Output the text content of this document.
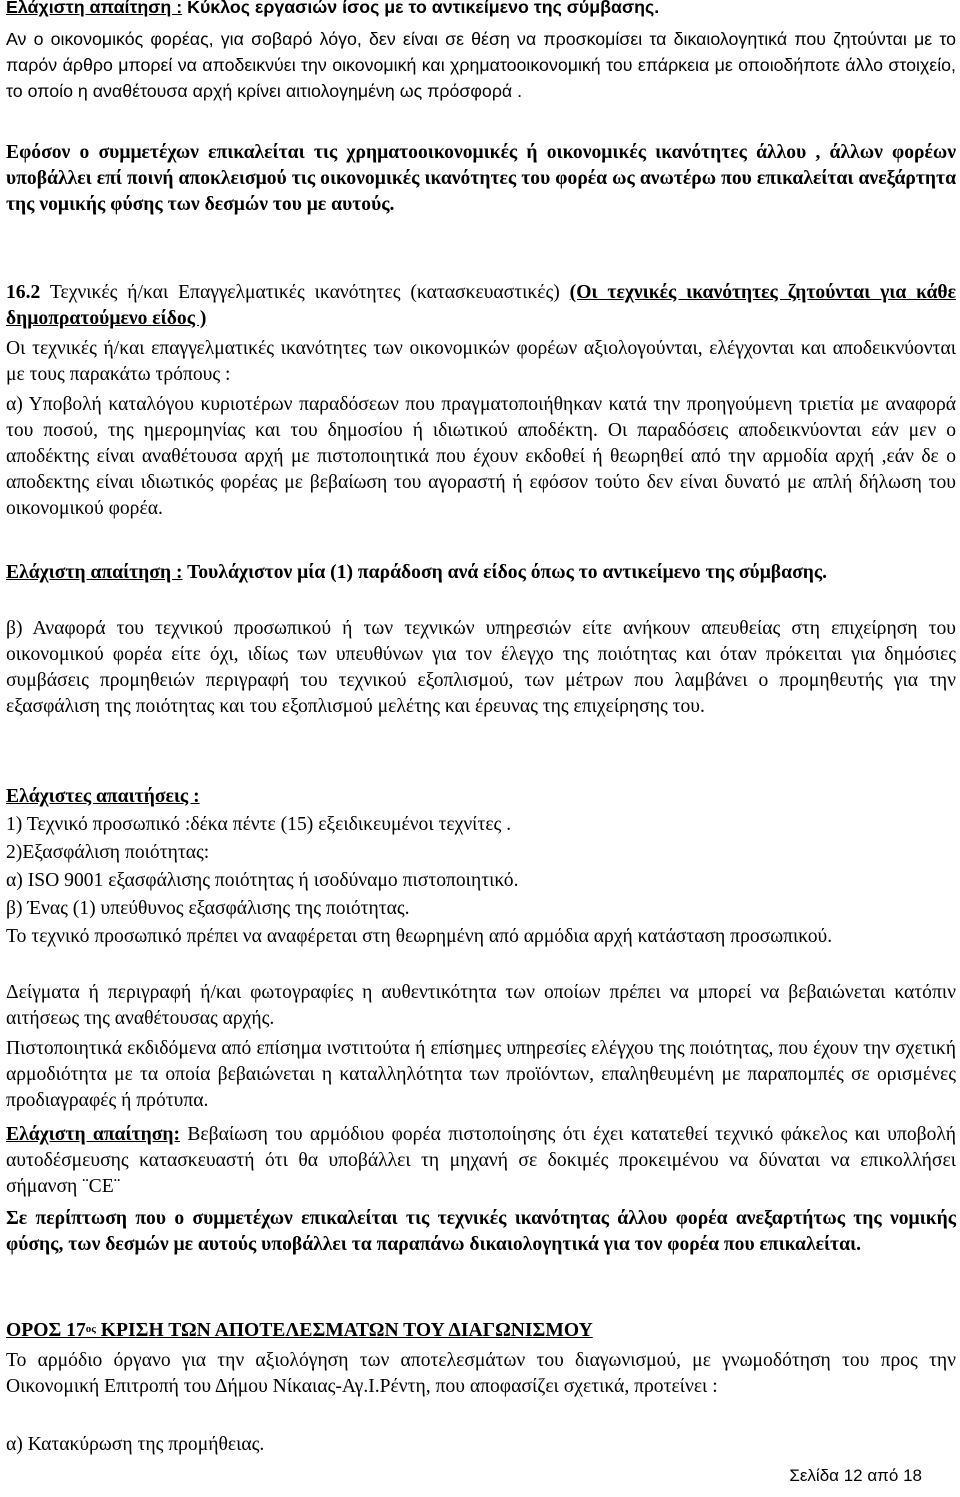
Ελάχιστη απαίτηση : Κύκλος εργασιών ίσος με το αντικείμενο της σύμβασης.

Αν ο οικονομικός φορέας, για σοβαρό λόγο, δεν είναι σε θέση να προσκομίσει τα δικαιολογητικά που ζητούνται με το παρόν άρθρο μπορεί να αποδεικνύει την οικονομική και χρηματοοικονομική του επάρκεια με οποιοδήποτε άλλο στοιχείο, το οποίο η αναθέτουσα αρχή κρίνει αιτιολογημένη ως πρόσφορά .

Εφόσον ο συμμετέχων επικαλείται τις χρηματοοικονομικές ή οικονομικές ικανότητες άλλου , άλλων φορέων υποβάλλει επί ποινή αποκλεισμού τις οικονομικές ικανότητες του φορέα ως ανωτέρω που επικαλείται ανεξάρτητα της νομικής φύσης των δεσμών του με αυτούς.

16.2 Τεχνικές ή/και Επαγγελματικές ικανότητες (κατασκευαστικές) (Οι τεχνικές ικανότητες ζητούνται για κάθε δημοπρατούμενο είδος )

Οι τεχνικές ή/και επαγγελματικές ικανότητες των οικονομικών φορέων αξιολογούνται, ελέγχονται και αποδεικνύονται με τους παρακάτω τρόπους :

α) Υποβολή καταλόγου κυριοτέρων παραδόσεων που πραγματοποιήθηκαν κατά την προηγούμενη τριετία με αναφορά του ποσού, της ημερομηνίας και του δημοσίου ή ιδιωτικού αποδέκτη. Οι παραδόσεις αποδεικνύονται εάν μεν ο αποδέκτης είναι αναθέτουσα αρχή με πιστοποιητικά που έχουν εκδοθεί ή θεωρηθεί από την αρμοδία αρχή ,εάν δε ο αποδεκτης είναι ιδιωτικός φορέας με βεβαίωση του αγοραστή ή εφόσον τούτο δεν είναι δυνατό με απλή δήλωση του οικονομικού φορέα.

Ελάχιστη απαίτηση : Τουλάχιστον μία (1) παράδοση ανά είδος όπως το αντικείμενο της σύμβασης.

β) Αναφορά του τεχνικού προσωπικού ή των τεχνικών υπηρεσιών είτε ανήκουν απευθείας στη επιχείρηση του οικονομικού φορέα είτε όχι, ιδίως των υπευθύνων για τον έλεγχο της ποιότητας και όταν πρόκειται για δημόσιες συμβάσεις προμηθειών περιγραφή του τεχνικού εξοπλισμού, των μέτρων που λαμβάνει ο προμηθευτής για την εξασφάλιση της ποιότητας και του εξοπλισμού μελέτης και έρευνας της επιχείρησης του.

Ελάχιστες απαιτήσεις :

1) Τεχνικό προσωπικό :δέκα πέντε (15) εξειδικευμένοι τεχνίτες .

2)Εξασφάλιση ποιότητας:

α) ISO 9001 εξασφάλισης ποιότητας ή ισοδύναμο πιστοποιητικό.

β) Ένας (1) υπεύθυνος εξασφάλισης της ποιότητας.

Το τεχνικό προσωπικό πρέπει να αναφέρεται στη θεωρημένη από αρμόδια αρχή κατάσταση προσωπικού.

Δείγματα ή περιγραφή ή/και φωτογραφίες η αυθεντικότητα των οποίων πρέπει να μπορεί να βεβαιώνεται κατόπιν αιτήσεως της αναθέτουσας αρχής.

Πιστοποιητικά εκδιδόμενα από επίσημα ινστιτούτα ή επίσημες υπηρεσίες ελέγχου της ποιότητας, που έχουν την σχετική αρμοδιότητα με τα οποία βεβαιώνεται η καταλληλότητα των προϊόντων, επαληθευμένη με παραπομπές σε ορισμένες προδιαγραφές ή πρότυπα.

Ελάχιστη απαίτηση: Βεβαίωση του αρμόδιου φορέα πιστοποίησης ότι έχει κατατεθεί τεχνικό φάκελος και υποβολή αυτοδέσμευσης κατασκευαστή ότι θα υποβάλλει τη μηχανή σε δοκιμές προκειμένου να δύναται να επικολλήσει σήμανση ¨CE¨

Σε περίπτωση που ο συμμετέχων επικαλείται τις τεχνικές ικανότητας άλλου φορέα ανεξαρτήτως της νομικής φύσης, των δεσμών με αυτούς υποβάλλει τα παραπάνω δικαιολογητικά για τον φορέα που επικαλείται.

ΟΡΟΣ $17^{o\varsigma}$ ΚΡΙΣΗ ΤΩΝ ΑΠΟΤΕΛΕΣΜΑΤΩΝ ΤΟΥ ΔΙΑΓΩΝΙΣΜΟΥ

Το αρμόδιο όργανο για την αξιολόγηση των αποτελεσμάτων του διαγωνισμού, με γνωμοδότηση του προς την Οικονομική Επιτροπή του Δήμου Νίκαιας-Αγ.Ι.Ρέντη, που αποφασίζει σχετικά, προτείνει :

α) Κατακύρωση της προμήθειας.

Σελίδα 12 από 18
